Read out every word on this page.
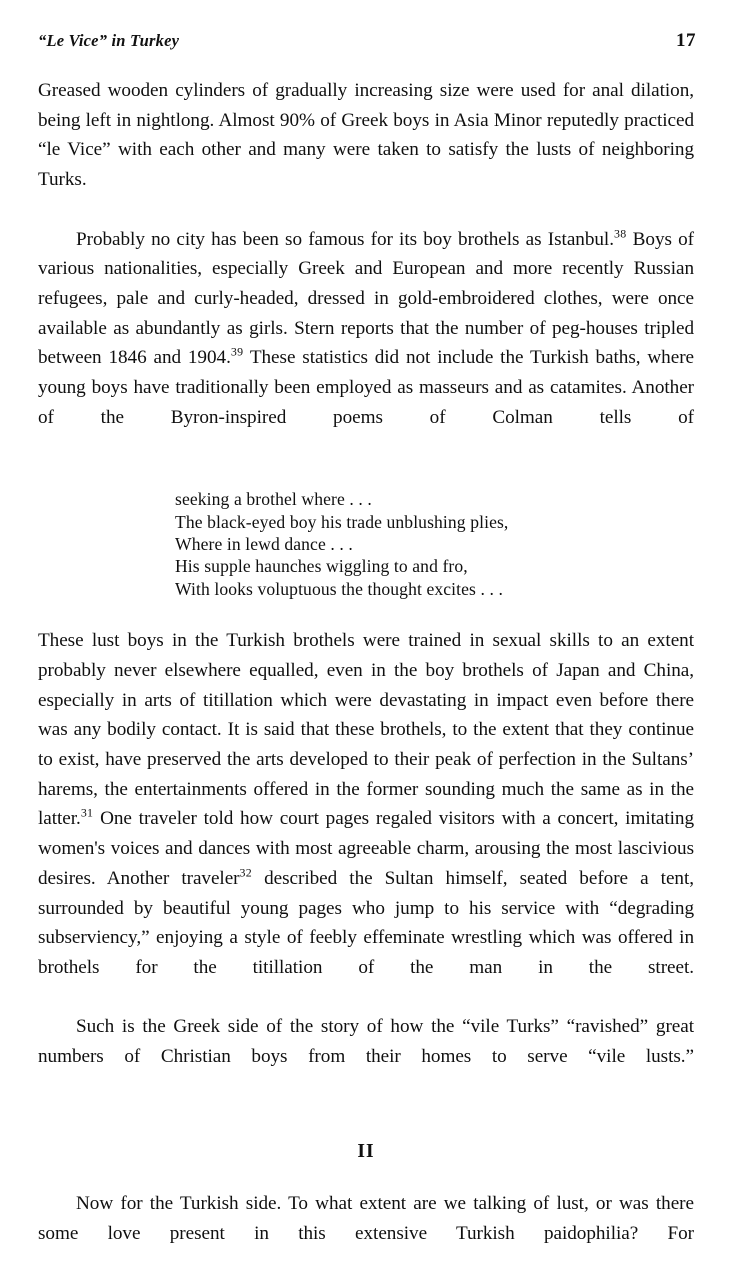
“Le Vice” in Turkey	17

Greased wooden cylinders of gradually increasing size were used for anal dilation, being left in nightlong. Almost 90% of Greek boys in Asia Minor reputedly practiced “le Vice” with each other and many were taken to satisfy the lusts of neighboring Turks.

Probably no city has been so famous for its boy brothels as Istanbul.$^{38}$ Boys of various nationalities, especially Greek and European and more recently Russian refugees, pale and curly-headed, dressed in gold-embroidered clothes, were once available as abundantly as girls. Stern reports that the number of peg-houses tripled between 1846 and 1904.39 These statistics did not include the Turkish baths, where young boys have traditionally been employed as masseurs and as catamites. Another of the Byron-inspired poems of Colman tells of

seeking a brothel where . . .
The black-eyed boy his trade unblushing plies,
Where in lewd dance . . .
His supple haunches wiggling to and fro,
With looks voluptuous the thought excites . . .

These lust boys in the Turkish brothels were trained in sexual skills to an extent probably never elsewhere equalled, even in the boy brothels of Japan and China, especially in arts of titillation which were devastating in impact even before there was any bodily contact. It is said that these brothels, to the extent that they continue to exist, have preserved the arts developed to their peak of perfection in the Sultans’ harems, the entertainments offered in the former sounding much the same as in the latter.$^{31}$ One traveler told how court pages regaled visitors with a concert, imitating women's voices and dances with most agreeable charm, arousing the most lascivious desires. Another traveler$^{32}$ described the Sultan himself, seated before a tent, surrounded by beautiful young pages who jump to his service with “degrading subserviency,” enjoying a style of feebly effeminate wrestling which was offered in brothels for the titillation of the man in the street.

Such is the Greek side of the story of how the “vile Turks” “ravished” great numbers of Christian boys from their homes to serve “vile lusts.”

II

Now for the Turkish side. To what extent are we talking of lust, or was there some love present in this extensive Turkish paidophilia? For
